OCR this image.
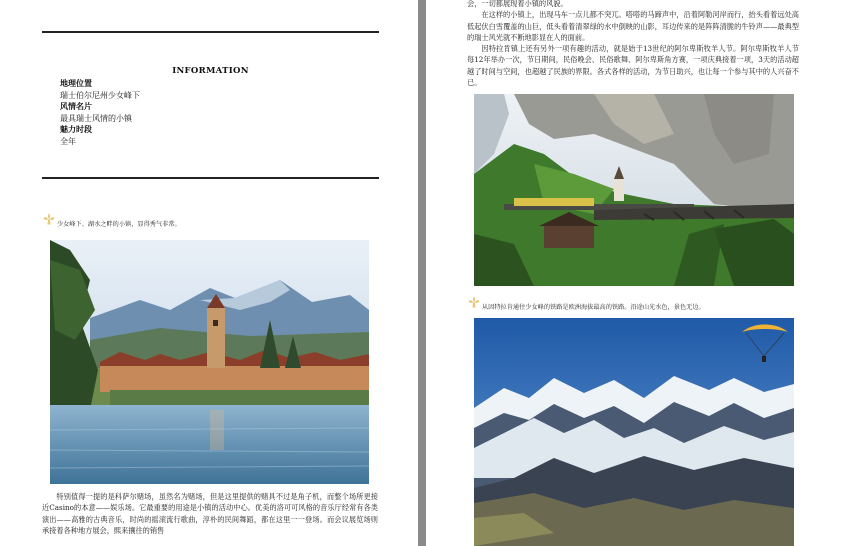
INFORMATION
地理位置
瑞士伯尔尼州少女峰下
风情名片
最具瑞士风情的小镇
魅力时段
全年
少女峰下、湖水之畔的小镇，显得秀气非常。

特别值得一提的是科萨尔赌场，虽然名为赌场，但是这里提供的赌具不过是角子机，而整个场所更接近Casino的本意——娱乐场。它最重要的用途是小镇的活动中心。优美的洛可可风格的音乐厅经常有各类演出——高雅的古典音乐，时尚的摇滚流行歌曲，淳朴的民间舞蹈，都在这里一一登场。而会议展览场则承接着各种地方展会，熙来攘往的销售

会，一切都展现着小镇的风貌。

在这样的小镇上，出现马车一点儿都不突兀。嗒嗒的马蹄声中，沿着阿勒河岸而行，抬头看着远处高低起伏白雪覆盖的山巨，低头看着清翠绿的水中倒映的山影，耳边传来的是阵阵清脆的牛铃声——最典型的瑞士风光就不断地影显在人的面前。

因特拉肯镇上还有另外一项有趣的活动，就是始于13世纪的阿尔卑斯牧羊人节。阿尔卑斯牧羊人节每12年举办一次，节日期间，民俗晚会、民俗歌舞、阿尔卑斯角方赛，一项庆典接着一项，3天的活动超越了时间与空间，也超越了民族的界限。各式各样的活动，为节日助兴，也让每一个参与其中的人兴奋不已。

从因特拉肯通往少女峰的铁路是欧洲海拔最高的铁路。沿途山光水色，景色无边。
